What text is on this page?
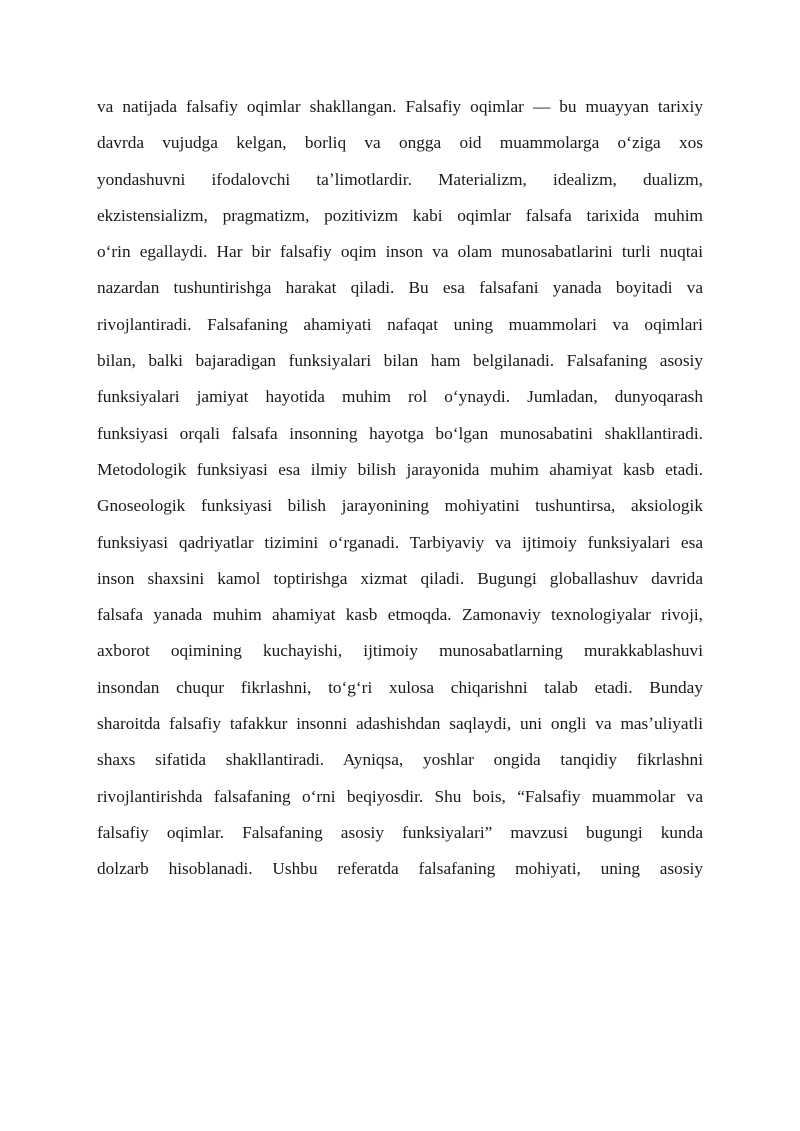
va natijada falsafiy oqimlar shakllangan. Falsafiy oqimlar — bu muayyan tarixiy
davrda vujudga kelgan, borliq va ongga oid muammolarga oʻziga xos
yondashuvni ifodalovchi taʼlimotlardir. Materializm, idealizm, dualizm,
ekzistensializm, pragmatizm, pozitivizm kabi oqimlar falsafa tarixida muhim
oʻrin egallaydi. Har bir falsafiy oqim inson va olam munosabatlarini turli nuqtai
nazardan tushuntirishga harakat qiladi. Bu esa falsafani yanada boyitadi va
rivojlantiradi. Falsafaning ahamiyati nafaqat uning muammolari va oqimlari
bilan, balki bajaradigan funksiyalari bilan ham belgilanadi. Falsafaning asosiy
funksiyalari jamiyat hayotida muhim rol oʻynaydi. Jumladan, dunyoqarash
funksiyasi orqali falsafa insonning hayotga boʻlgan munosabatini shakllantiradi.
Metodologik funksiyasi esa ilmiy bilish jarayonida muhim ahamiyat kasb etadi.
Gnoseologik funksiyasi bilish jarayonining mohiyatini tushuntirsa, aksiologik
funksiyasi qadriyatlar tizimini oʻrganadi. Tarbiyaviy va ijtimoiy funksiyalari esa
inson shaxsini kamol toptirishga xizmat qiladi. Bugungi globallashuv davrida
falsafa yanada muhim ahamiyat kasb etmoqda. Zamonaviy texnologiyalar rivoji,
axborot oqimining kuchayishi, ijtimoiy munosabatlarning murakkablashuvi
insondan chuqur fikrlashni, toʻgʻri xulosa chiqarishni talab etadi. Bunday
sharoitda falsafiy tafakkur insonni adashishdan saqlaydi, uni ongli va masʼuliyatli
shaxs sifatida shakllantiradi. Ayniqsa, yoshlar ongida tanqidiy fikrlashni
rivojlantirishda falsafaning oʻrni beqiyosdir. Shu bois, “Falsafiy muammolar va
falsafiy oqimlar. Falsafaning asosiy funksiyalari” mavzusi bugungi kunda
dolzarb hisoblanadi. Ushbu referatda falsafaning mohiyati, uning asosiy
